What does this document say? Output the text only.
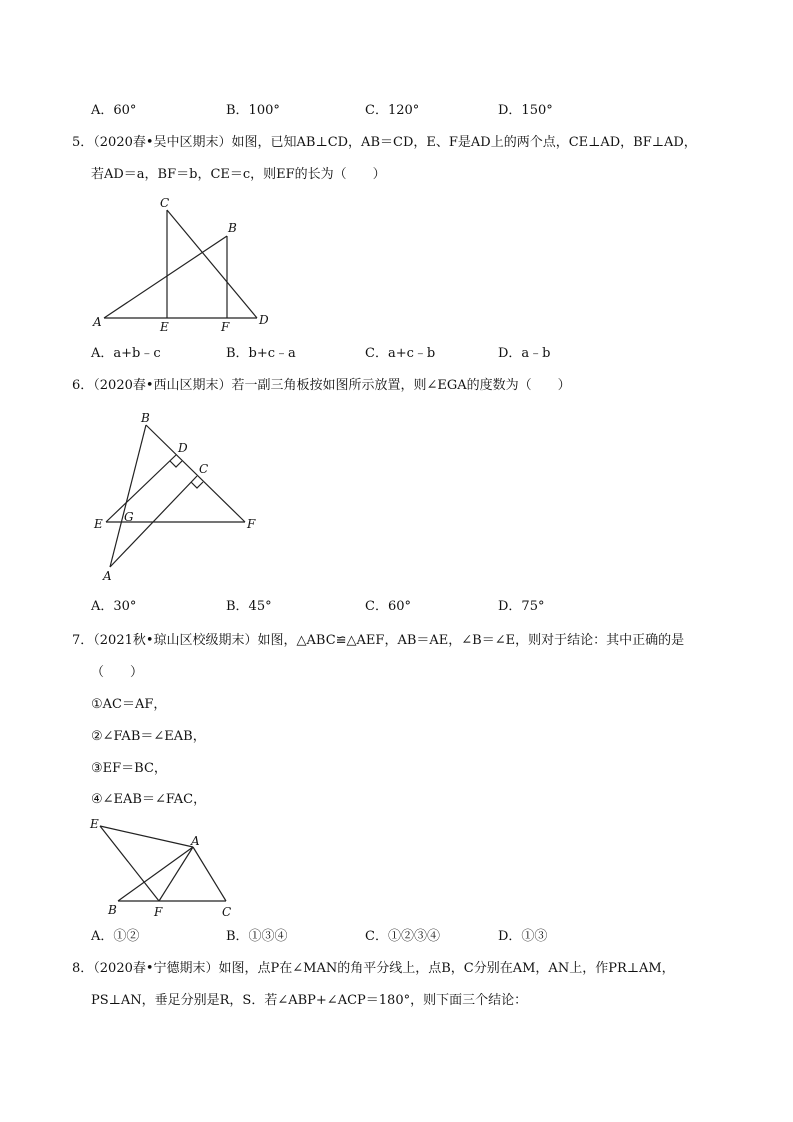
A．60°	B．100°	C．120°	D．150°
5．（2020春•吴中区期末）如图，已知AB⊥CD，AB＝CD，E、F是AD上的两个点，CE⊥AD，BF⊥AD，
若AD＝a，BF＝b，CE＝c，则EF的长为（　　）
C
B
A	E	F D
A．a+b﹣c	B．b+c﹣a	C．a+c﹣b	D．a﹣b
6．（2020春•西山区期末）若一副三角板按如图所示放置，则∠EGA的度数为（　　）
B
D
C
E G	F
A
A．30°	B．45°	C．60°	D．75°
7．（2021秋•琼山区校级期末）如图，△ABC≌△AEF，AB＝AE，∠B＝∠E，则对于结论：其中正确的是
（　　）
①AC＝AF，
②∠FAB＝∠EAB，
③EF＝BC，
④∠EAB＝∠FAC，
E
A
B	F	C
A．①②	B．①③④	C．①②③④	D．①③
8．（2020春•宁德期末）如图，点P在∠MAN的角平分线上，点B，C分别在AM，AN上，作PR⊥AM，
PS⊥AN，垂足分别是R，S．若∠ABP+∠ACP＝180°，则下面三个结论：
